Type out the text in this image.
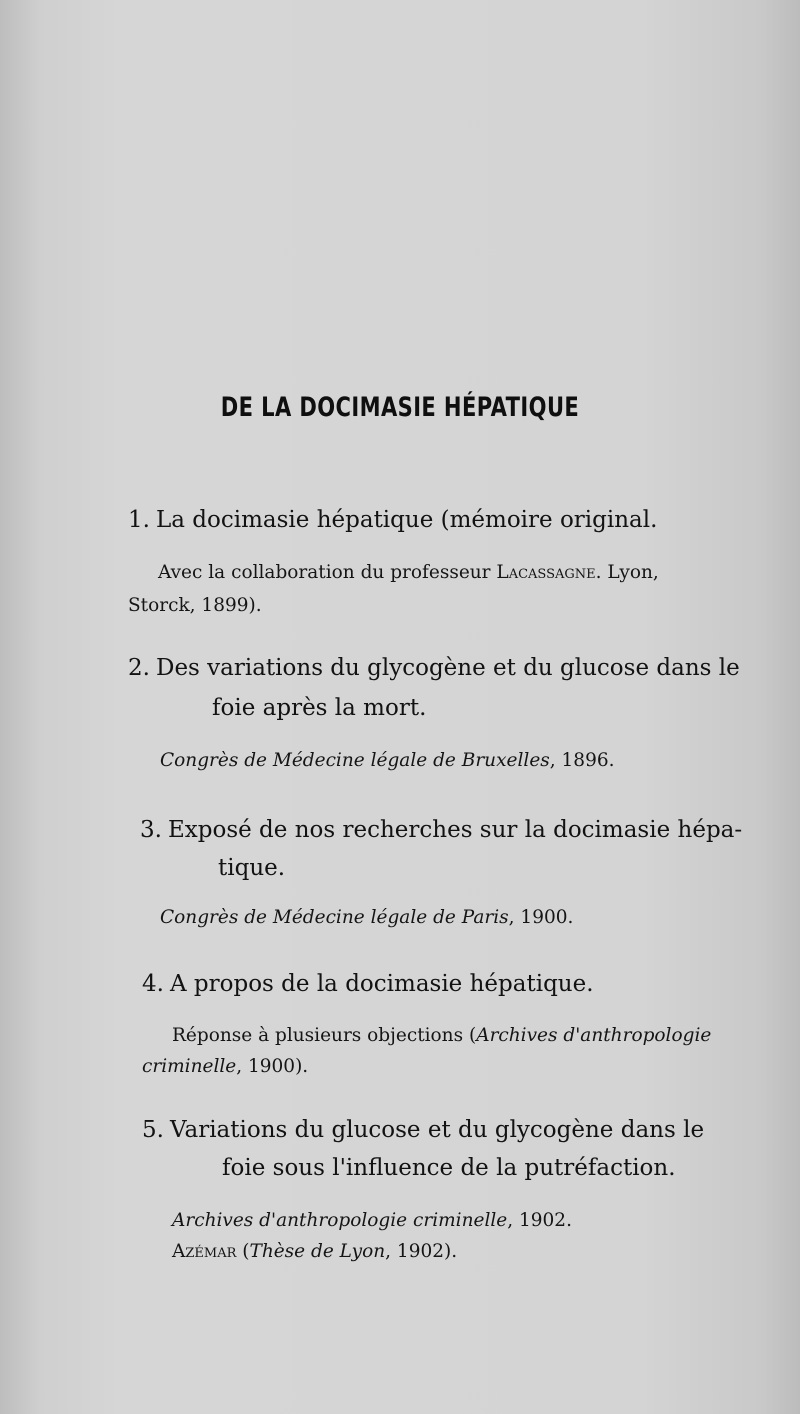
DE LA DOCIMASIE HÉPATIQUE
1. La docimasie hépatique (mémoire original.
Avec la collaboration du professeur Lacassagne. Lyon,
Storck, 1899).
2. Des variations du glycogène et du glucose dans le
foie après la mort.
Congrès de Médecine légale de Bruxelles, 1896.
3. Exposé de nos recherches sur la docimasie hépa-
tique.
Congrès de Médecine légale de Paris, 1900.
4. A propos de la docimasie hépatique.
Réponse à plusieurs objections (Archives d'anthropologie
criminelle, 1900).
5. Variations du glucose et du glycogène dans le
foie sous l'influence de la putréfaction.
Archives d'anthropologie criminelle, 1902.
Azémar (Thèse de Lyon, 1902).
